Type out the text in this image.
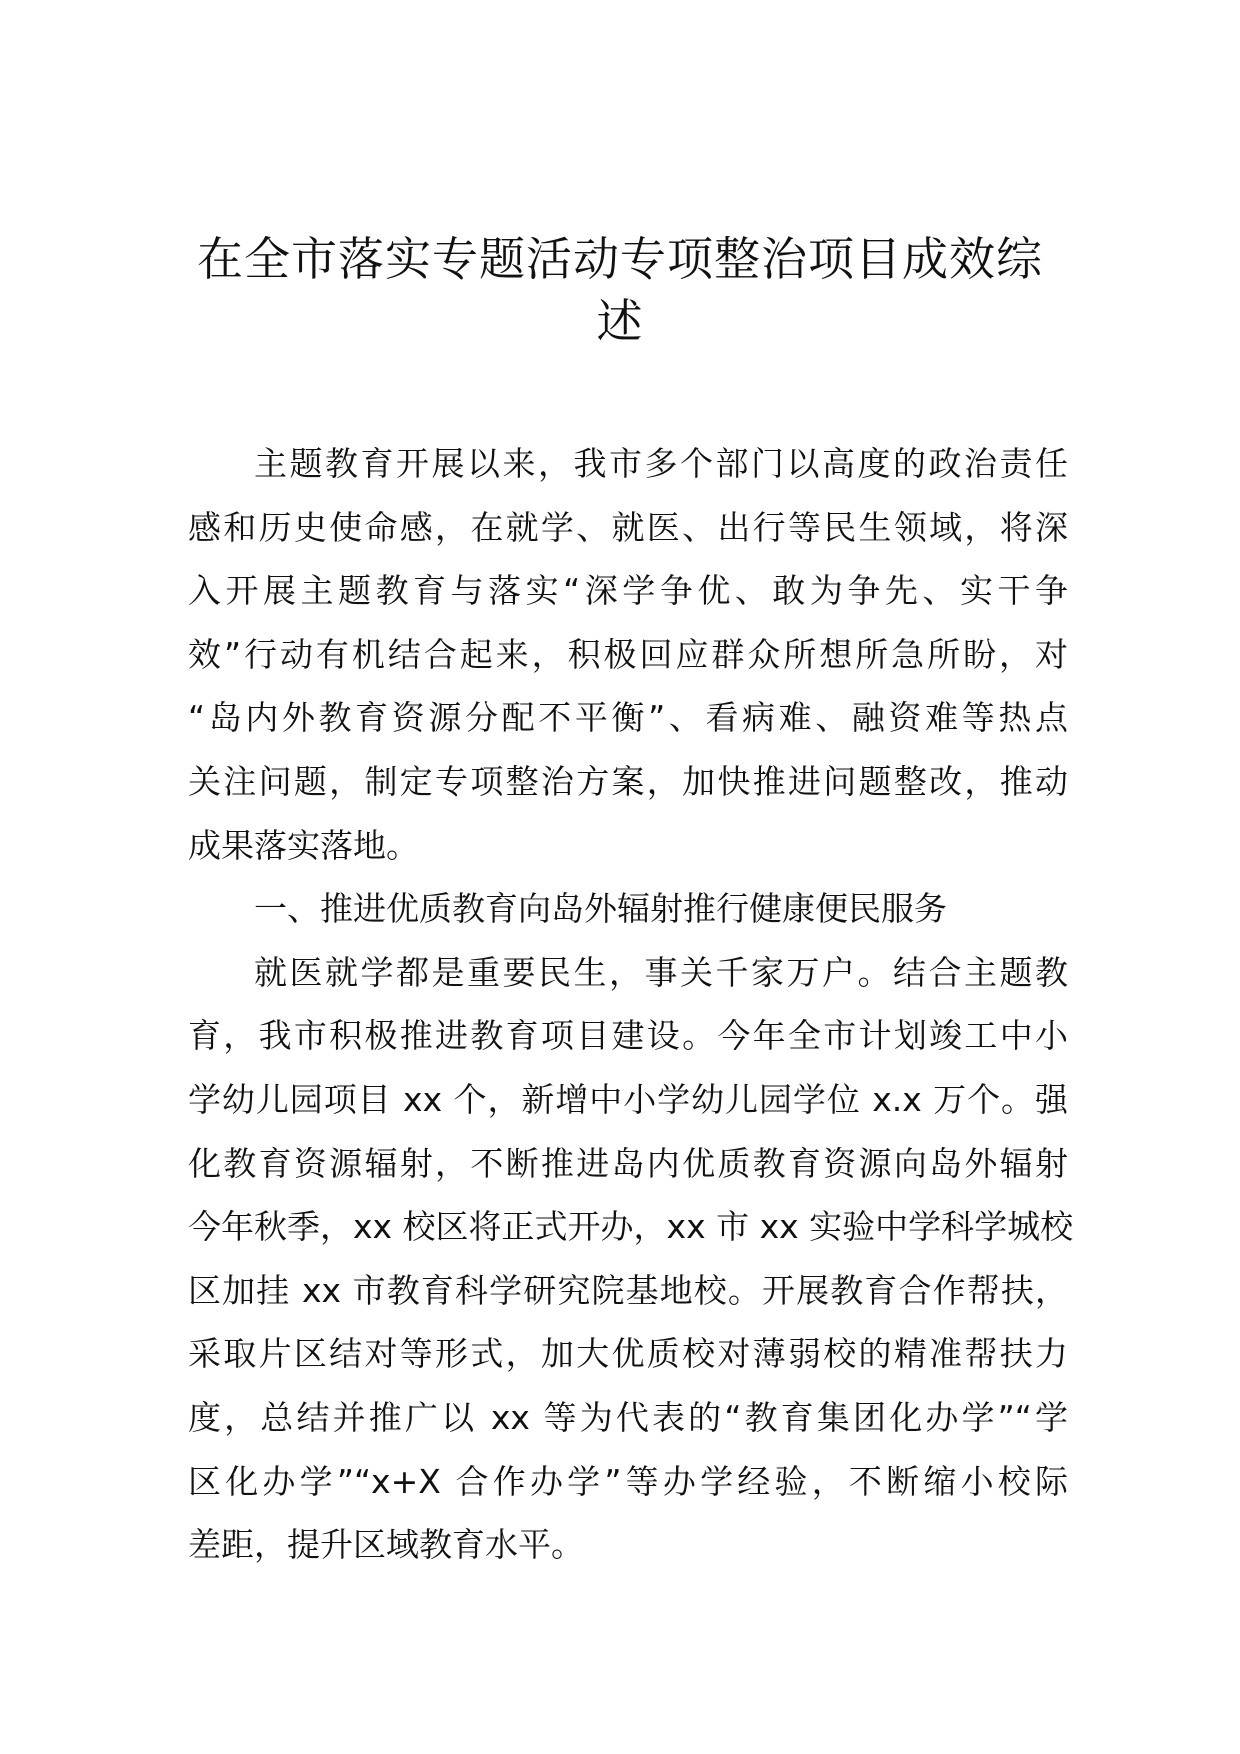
在全市落实专题活动专项整治项目成效综
述
主题教育开展以来，我市多个部门以高度的政治责任
感和历史使命感，在就学、就医、出行等民生领域，将深
入开展主题教育与落实“深学争优、敢为争先、实干争
效”行动有机结合起来，积极回应群众所想所急所盼，对
“岛内外教育资源分配不平衡”、看病难、融资难等热点
关注问题，制定专项整治方案，加快推进问题整改，推动
成果落实落地。
一、推进优质教育向岛外辐射推行健康便民服务
就医就学都是重要民生，事关千家万户。结合主题教
育，我市积极推进教育项目建设。今年全市计划竣工中小
学幼儿园项目 xx 个，新增中小学幼儿园学位 x.x 万个。强
化教育资源辐射，不断推进岛内优质教育资源向岛外辐射
今年秋季，xx 校区将正式开办，xx 市 xx 实验中学科学城校
区加挂 xx 市教育科学研究院基地校。开展教育合作帮扶，
采取片区结对等形式，加大优质校对薄弱校的精准帮扶力
度，总结并推广以 xx 等为代表的“教育集团化办学”“学
区化办学”“x+X 合作办学”等办学经验，不断缩小校际
差距，提升区域教育水平。
